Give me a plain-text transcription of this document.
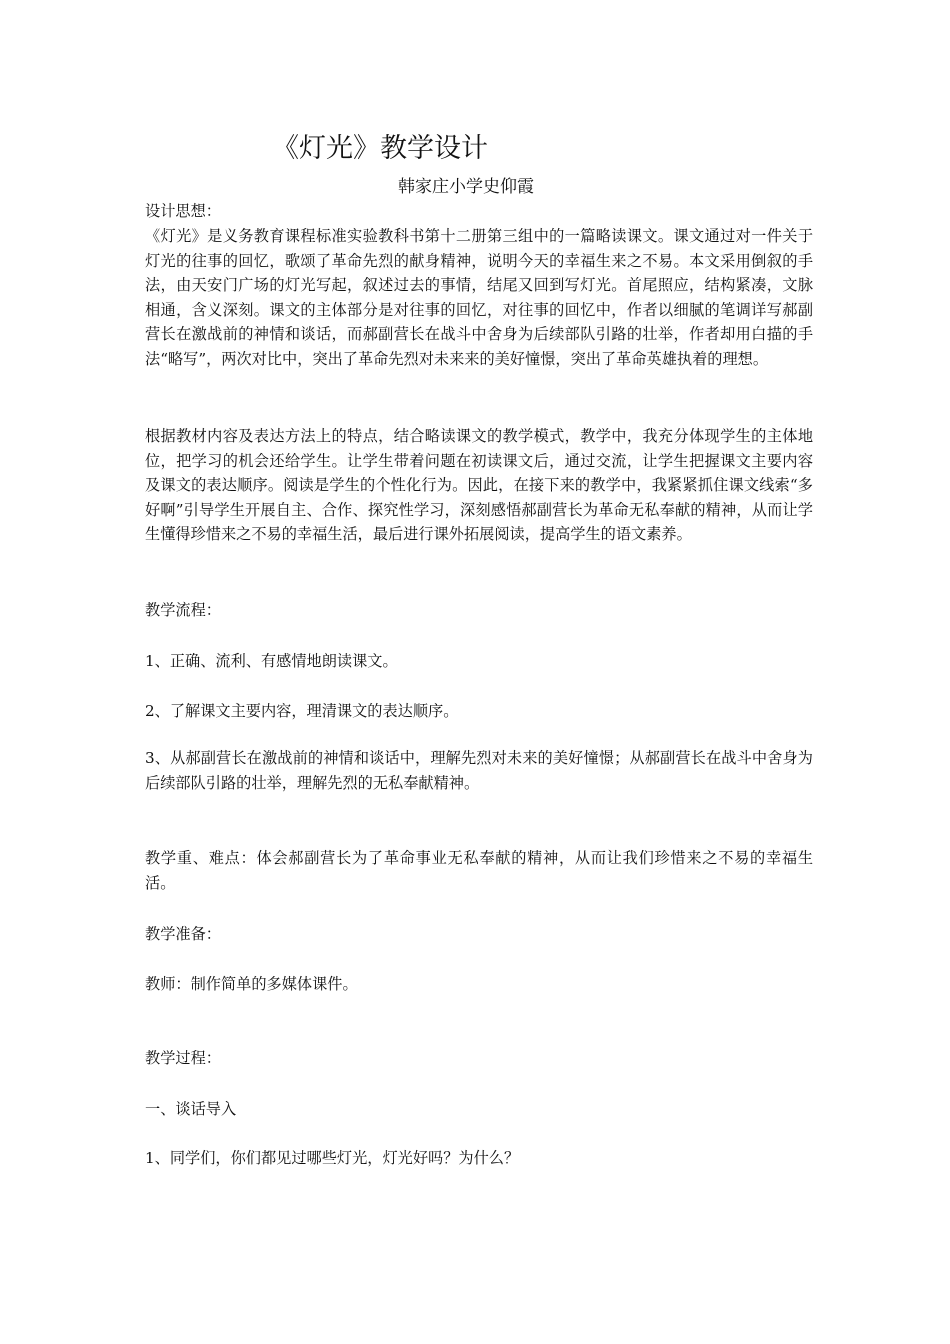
《灯光》教学设计
韩家庄小学史仰霞

设计思想：

《灯光》是义务教育课程标准实验教科书第十二册第三组中的一篇略读课文。课文通过对一件关于灯光的往事的回忆，歌颂了革命先烈的献身精神，说明今天的幸福生来之不易。本文采用倒叙的手法，由天安门广场的灯光写起，叙述过去的事情，结尾又回到写灯光。首尾照应，结构紧凑，文脉相通，含义深刻。课文的主体部分是对往事的回忆，对往事的回忆中，作者以细腻的笔调详写郝副营长在激战前的神情和谈话，而郝副营长在战斗中舍身为后续部队引路的壮举，作者却用白描的手法“略写”，两次对比中，突出了革命先烈对未来来的美好憧憬，突出了革命英雄执着的理想。

根据教材内容及表达方法上的特点，结合略读课文的教学模式，教学中，我充分体现学生的主体地位，把学习的机会还给学生。让学生带着问题在初读课文后，通过交流，让学生把握课文主要内容及课文的表达顺序。阅读是学生的个性化行为。因此，在接下来的教学中，我紧紧抓住课文线索“多好啊”引导学生开展自主、合作、探究性学习，深刻感悟郝副营长为革命无私奉献的精神，从而让学生懂得珍惜来之不易的幸福生活，最后进行课外拓展阅读，提高学生的语文素养。

教学流程：

1、正确、流利、有感情地朗读课文。

2、了解课文主要内容，理清课文的表达顺序。

3、从郝副营长在激战前的神情和谈话中，理解先烈对未来的美好憧憬；从郝副营长在战斗中舍身为后续部队引路的壮举，理解先烈的无私奉献精神。

教学重、难点：体会郝副营长为了革命事业无私奉献的精神，从而让我们珍惜来之不易的幸福生活。

教学准备：

教师：制作简单的多媒体课件。

教学过程：

一、谈话导入

1、同学们，你们都见过哪些灯光，灯光好吗？为什么？
